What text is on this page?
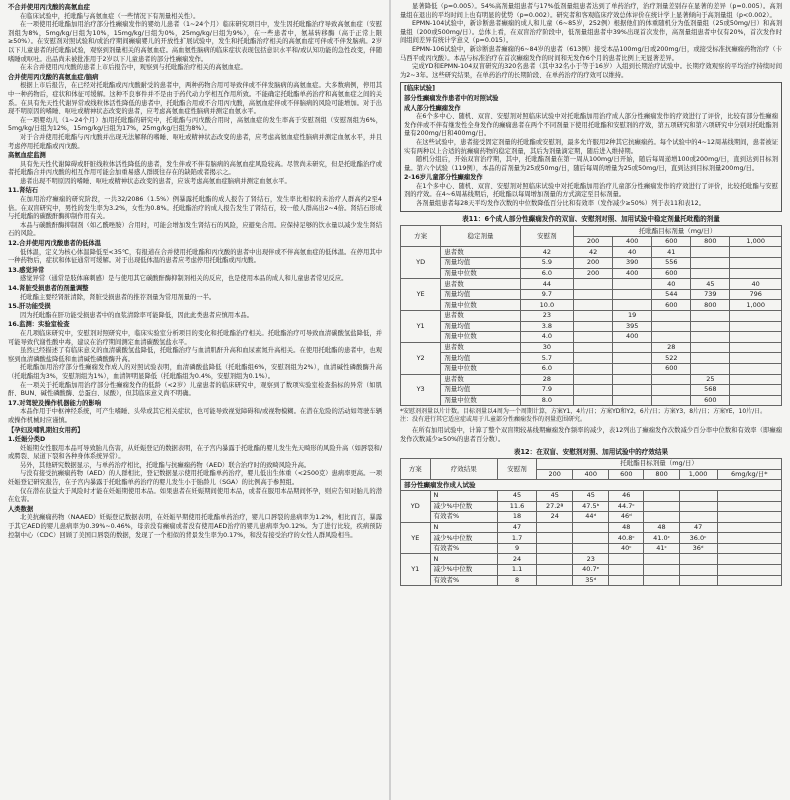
不合并使用丙戊酸的高氨血症

在临床试验中，托吡酯与高氨血症（一些情况下有剂量相关性）。

在一项使用托吡酯加用治疗部分性癫痫发作的婴幼儿患者（1~24个月）临床研究项目中，发生因托吡酯治疗导致高氨血症（安慰剂组为8%，5mg/kg/日组为10%，15mg/kg/日组为0%，25mg/kg/日组为9%），在一些患者中，氨基转移酶（高于正常上限≥50%）。在安慰剂对照试验和/或治疗期间癫痫婴儿的开放性扩展试验中，发生和托吡酯治疗相关的高氨血症可伴或不伴发脑病。2岁以下儿童患者的托吡酯试验，观察到剂量相关的高氨血症。高血氨性脑病的临床症状表现包括意识水平和/或认知功能的急性改变，伴随嗜睡或呕吐。出品尚未被批准用于2岁以下儿童患者的部分性癫痫发作。

在未合并使用丙戊酸的患者上市后报告中，观察到与托吡酯治疗相关的高氨血症。

合并使用丙戊酸的高氨血症/脑病

根据上市后报告，在已经对托吡酯或丙戊酸耐受的患者中，两种药物合用可导致伴或不伴发脑病的高氨血症。大多数病例，停用其中一种药物后，症状和体征可缓解。这种不良事件并不是由于药代动力学相互作用所致。不能确定托吡酯单药治疗和高氨血症之间的关系。在具有先天性代谢异常或线粒体活性降低的患者中，托吡酯合用或不合用丙戊酸，高氨血症伴或不伴脑病的风险可能增加。对于出现不明原因的嗜睡、呕吐或精神状态改变的患者，应考虑高氨血症性脑病并测定血氨水平。

在一项婴幼儿（1~24个月）加用托吡酯的研究中，托吡酯与丙戊酸合用时，高氨血症的发生率高于安慰剂组（安慰剂组为6%，5mg/kg/日组为12%，15mg/kg/日组为17%，25mg/kg/日组为8%）。

对于合并使用托吡酯与丙戊酸并出现无法解释的嗜睡、呕吐或精神状态改变的患者，应考虑高氨血症性脑病并测定血氨水平，并且考虑停用托吡酯或丙戊酸。

高氨血症监测

具有先天性代谢障碍或肝脏线粒体活性降低的患者，发生伴或不伴有脑病的高氨血症风险较高。尽管尚未研究，但是托吡酯治疗或者托吡酯合并丙戊酸的相互作用可能会加重易感人群既往存在的缺陷或者揭示之。

患者出现不明原因的嗜睡、呕吐或精神状态改变的患者，应该考虑高氨血症脑病并测定血氨水平。

11.肾结石

在加用治疗癫痫的研究阶段，一共32/2086（1.5%）例暴露托吡酯的成人报告了肾结石，发生率比相似的未治疗人群高约2至4倍。在双盲研究中，男性的发生率为3.2%，女性为0.8%。托吡酯治疗的成人报告发生了肾结石，较一般人群高出2~4倍。肾结石形成与托吡酯的碳酸酐酶抑制作用有关。

本品与碳酸酐酶抑制剂（如乙酰唑胺）合用时，可能会增加发生肾结石的风险，应避免合用。应保持足够的饮水量以减少发生肾结石的风险。

12.合并使用丙戊酸患者的低体温

低体温，定义为核心体温降低至<35℃，有报道在合并使用托吡酯和丙戊酸的患者中出现伴或不伴高氨血症的低体温。在停用其中一种药物后，症状和体征通常可缓解。对于出现低体温的患者应考虑停用托吡酯或丙戊酸。

13.感觉异常

感觉异常（通常是肢体麻刺感）是与使用其它碳酸酐酶抑制剂相关的反应，也是使用本品的成人和儿童患者常见反应。

14.肾脏受损患者的剂量调整

托吡酯主要经肾脏清除，肾脏受损患者的推荐剂量为常用剂量的一半。

15.肝功能受损

因为托吡酯在肝功能受损患者中的血浆清除率可能降低，因此此类患者应慎用本品。

16.监测：实验室检查

在几项临床研究中，安慰剂对照研究中，临床实验室分析项目的变化和托吡酯治疗相关。托吡酯治疗可导致血清碳酸氢盐降低，并可能导致代谢性酸中毒，建议在治疗期间测定血清碳酸氢盐水平。

虽然已经描述了有临床意义的血清碳酸氢盐降低，托吡酯治疗与血清肌酐升高和血尿素氮升高相关。在使用托吡酯的患者中，也观察到血清磷酸盐降低和血清碱性磷酸酶升高。

托吡酯加用治疗部分性癫痫发作成人的对照试验表明，血清磷酸盐降低（托吡酯组6%，安慰剂组为2%），血清碱性磷酸酶升高（托吡酯组为3%，安慰剂组为1%），血清钾明显降低（托吡酯组为0.4%，安慰剂组为0.1%）。

在一项关于托吡酯加用治疗部分性癫痫发作的低龄（<2岁）儿童患者的临床研究中，观察到了数项实验室检查指标的异常（如肌酐、BUN、碱性磷酸酶、总蛋白、尿酸），但其临床意义尚不明确。

17.对驾驶及操作机器能力的影响

本品作用于中枢神经系统，可产生嗜睡、头晕或其它相关症状，也可能导致视觉障碍和/或视物模糊。在潜在危险的活动如驾驶车辆或操作机械时应谨慎。

【孕妇及哺乳期妇女用药】
1.妊娠分类D

妊娠期女性服用本品可导致胎儿伤害，从妊娠登记的数据表明，在子宫内暴露于托吡酯的婴儿发生先天畸形的风险升高（如唇裂和/或腭裂、尿道下裂和各种身体系统异常）。

另外，其他研究数据显示，与单药治疗相比，托吡酯与抗癫痫药物（AED）联合治疗时的致畸风险升高。

与没有接受抗癫痫药物（AED）的人群相比，登记数据显示使用托吡酯单药治疗，婴儿低出生体重（<2500克）患病率更高。一项妊娠登记研究报告，在子宫内暴露于托吡酯单药治疗的婴儿发生小于胎龄儿（SGA）的比例高于参照组。

仅在潜在获益大于风险时才能在妊娠期使用本品。如果患者在妊娠期间使用本品，或者在服用本品期间怀孕，则应告知对胎儿的潜在危害。

人类数据

北美抗癫痫药物（NAAED）妊娠登记数据表明，在妊娠早期使用托吡酯单药治疗，婴儿口唇裂的患病率为1.2%，相比而言，暴露于其它AED的婴儿患病率为0.39%~0.46%，母亲没有癫痫或者没有使用AED治疗的婴儿患病率为0.12%。为了进行比较，疾病预防控制中心（CDC）回顾了美国口唇裂的数据，发现了一个相似的背景发生率为0.17%，和没有接受治疗的女性人群风险相当。

显著降低（p=0.005）。54%高剂量组患者与17%低剂量组患者达到了单药治疗，治疗剂量差别存在显著的差异（p=0.005）。高剂量组在退出的平均时间上也有明显的优势（p=0.002）。研究者和客观临床疗效总体评价在统计学上显著倾向于高剂量组（p<0.002）。

EPMN-104试验中，新诊断患者癫痫的成人和儿童（6~85岁，252例）根据他们的体重随机分为低剂量组（25或50mg/日）和高剂量组（200或500mg/日）。总体上看，在双盲治疗阶段中，低剂量组患者中39%出现首次发作，高剂量组患者中仅有20%，首次发作时间组间差异有统计学意义（p=0.015）。

EPMN-106试验中，新诊断患者癫痫的6~84岁的患者（613例）接受本品100mg/日或200mg/日，或接受标准抗癫痫药物治疗（卡马西平或丙戊酸）。本品与标准治疗在首次癫痫发作的时间和无发作6个月的患者比例上无显著差异。

完成YD和EPMN-104双盲研究的320名患者（其中32名小于等于16岁）入组到长期治疗试验中。长期疗效观察的平均治疗持续时间为2~3年。这些研究结果，在单药治疗的长期阶段、在单药治疗的疗效可以维持。

[临床试验]
部分性癫痫发作患者中的对照试验
成人部分性癫痫发作

在6个多中心、随机、双盲、安慰剂对照临床试验中对托吡酯加用治疗成人部分性癫痫发作的疗效进行了评价，比较有部分性癫痫发作伴或不伴有继发性全身发作的癫痫患者在两个不同剂量下使用托吡酯和安慰剂的疗效，第五项研究和第六项研究中分别对托吡酯剂量有200mg/日和400mg/日。

在这些试验中，患者接受固定剂量的托吡酯或安慰剂，最多允许服用2种其它抗癫痫药。每个试验中的4~12周基线期间，患者被证实有两种以上合适的抗癫痫药物的稳定剂量，其后为剂量滴定期，随后进入维持期。

随机分组后，开始双盲治疗期，其中，托吡酯剂量在第一周从100mg/日开始，随后每周递增100或200mg/日，直到达到目标剂量。第六个试验（119例），本品的首剂量为25或50mg/日，随后每周的增量为25或50mg/日，直到达到目标剂量200mg/日。

2-16岁儿童部分性癫痫发作

在1个多中心、随机、双盲、安慰剂对照临床试验中对托吡酯加用治疗儿童部分性癫痫发作的疗效进行了评价，比较托吡酯与安慰剂的疗效。在4~6周基线期后，托吡酯以每周增加剂量的方式滴定至目标剂量。

各剂量组患者每28天平均发作次数的中位数降低百分比和有效率（发作减少≥50%）列于表11和表12。

表11：6个成人部分性癫痫发作的双盲、安慰剂对照、加用试验中稳定剂量托吡酯的剂量
方案	稳定剂量	安慰剂	托吡酯目标剂量（mg/日）				
			200	400	600	800	1,000
YD	患者数	42	42	40	41		
	剂量均值	5.9	200	390	556		
	剂量中位数	6.0	200	400	600		
YE	患者数	44			40	45	40
	剂量均值	9.7			544	739	796
	剂量中位数	10.0			600	800	1,000
Y1	患者数	23		19			
	剂量均值	3.8		395			
	剂量中位数	4.0		400			
Y2	患者数	30			28		
	剂量均值	5.7			522		
	剂量中位数	6.0			600		
Y3	患者数	28				25	
	剂量均值	7.9				568	
	剂量中位数	8.0				600	

*安慰剂剂量以片计数。目标剂量以4周为一个周期计算，方案Y1，4片/日；方案YD和Y2，6片/日；方案Y3，8片/日；方案YE，10片/日。

注：没有进行其它适应症或用于儿童部分性癫痫发作的剂量范围研究。

在所有加用试验中，计算了整个双盲期较基线期癫痫发作频率的减少，表12列出了癫痫发作次数减少百分率中位数和有效率（即癫痫发作次数减少≥50%的患者百分数）。

表12：在双盲、安慰剂对照、加用试验中的疗效结果
方案	疗效结果	安慰剂	托吡酯目标剂量（mg/日）					
			200	400	600	800	1,000	6mg/kg/日*
部分性癫痫发作成人试验								
YD	N	45	45	45	46			
	减少%中位数	11.6	27.2ª	47.5ᵇ	44.7ᶜ			
	有效者%	18	24	44ᵈ	46ᵈ			
YE	N	47			48	48	47	
	减少%中位数	1.7			40.8ᶜ	41.0ᶜ	36.0ᶜ	
	有效者%	9			40ᶜ	41ᶜ	36ᵈ	
Y1	N	24		23				
	减少%中位数	1.1		40.7ᵉ				
	有效者%	8		35ᵈ				
